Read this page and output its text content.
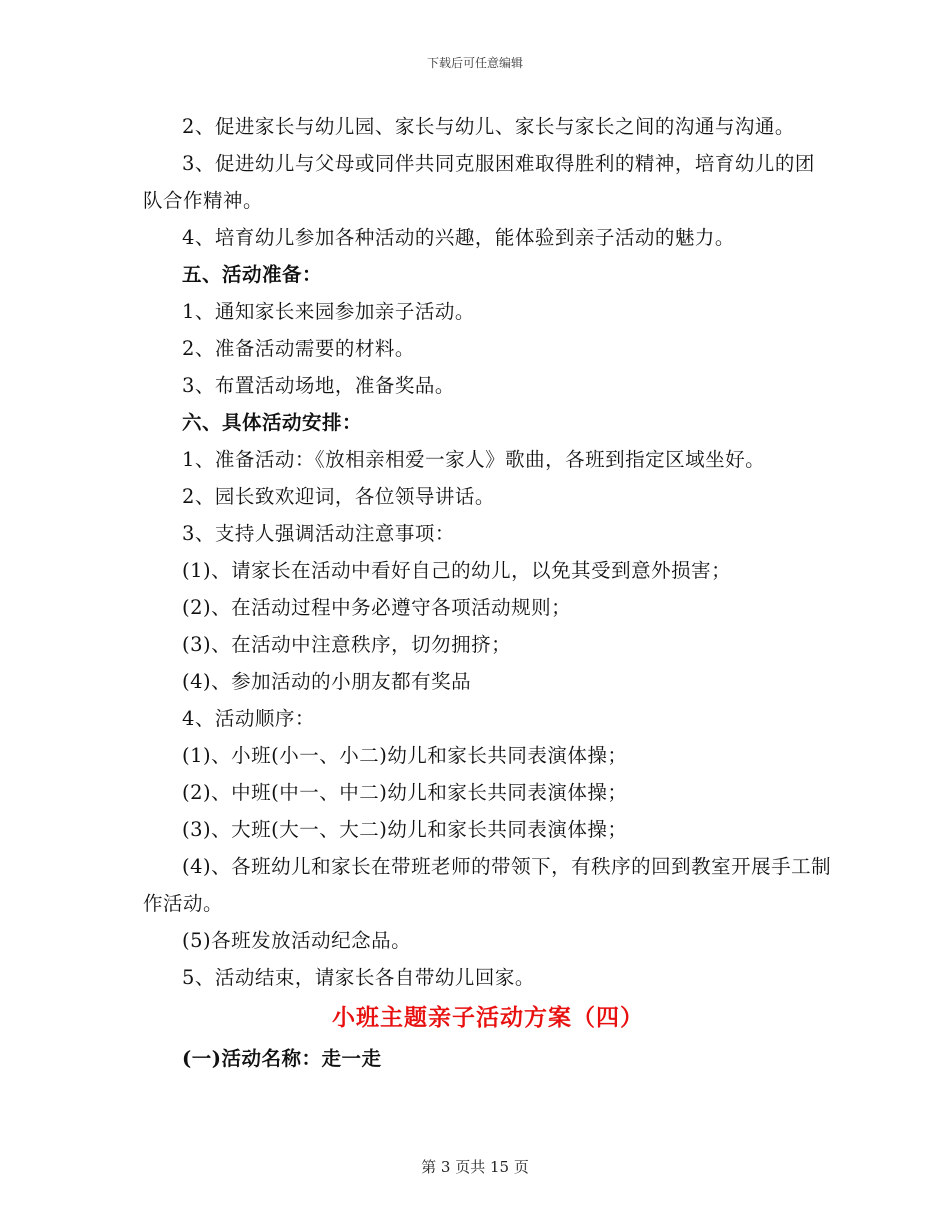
下载后可任意编辑

2、促进家长与幼儿园、家长与幼儿、家长与家长之间的沟通与沟通。

3、促进幼儿与父母或同伴共同克服困难取得胜利的精神，培育幼儿的团队合作精神。

4、培育幼儿参加各种活动的兴趣，能体验到亲子活动的魅力。

五、活动准备：

1、通知家长来园参加亲子活动。

2、准备活动需要的材料。

3、布置活动场地，准备奖品。

六、具体活动安排：

1、准备活动：《放相亲相爱一家人》歌曲，各班到指定区域坐好。

2、园长致欢迎词，各位领导讲话。

3、支持人强调活动注意事项：

(1)、请家长在活动中看好自己的幼儿，以免其受到意外损害；

(2)、在活动过程中务必遵守各项活动规则；

(3)、在活动中注意秩序，切勿拥挤；

(4)、参加活动的小朋友都有奖品

4、活动顺序：

(1)、小班(小一、小二)幼儿和家长共同表演体操；

(2)、中班(中一、中二)幼儿和家长共同表演体操；

(3)、大班(大一、大二)幼儿和家长共同表演体操；

(4)、各班幼儿和家长在带班老师的带领下，有秩序的回到教室开展手工制作活动。

(5)各班发放活动纪念品。

5、活动结束，请家长各自带幼儿回家。

小班主题亲子活动方案（四）

(一)活动名称：走一走

第 3 页共 15 页
